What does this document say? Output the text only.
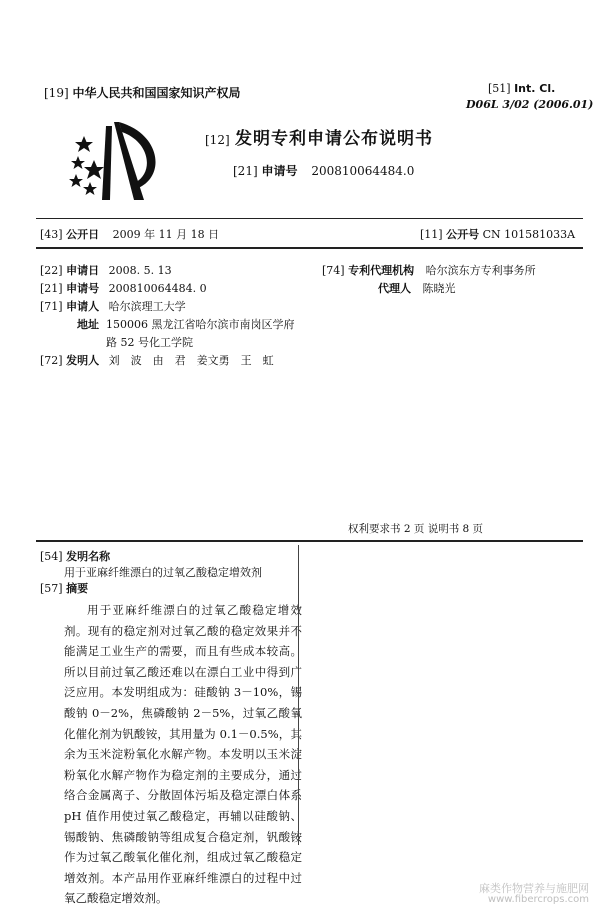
[19] 中华人民共和国国家知识产权局	[51] Int. Cl.
D06L 3/02 (2006.01)
[12] 发明专利申请公布说明书
[21] 申请号 200810064484.0
[43] 公开日 2009 年 11 月 18 日	[11] 公开号 CN 101581033A
[22] 申请日 2008. 5. 13
[21] 申请号 200810064484. 0
[71] 申请人 哈尔滨理工大学
地址 150006 黑龙江省哈尔滨市南岗区学府
路 52 号化工学院
[72] 发明人 刘　波　由　君　姜文勇　王　虹
[74] 专利代理机构 哈尔滨东方专利事务所
代理人 陈晓光
权利要求书 2 页 说明书 8 页
[54] 发明名称
用于亚麻纤维漂白的过氧乙酸稳定增效剂
[57] 摘要

用于亚麻纤维漂白的过氧乙酸稳定增效剂。现有的稳定剂对过氧乙酸的稳定效果并不能满足工业生产的需要，而且有些成本较高。所以目前过氧乙酸还难以在漂白工业中得到广泛应用。本发明组成为：硅酸钠 3－10%，锡酸钠 0－2%，焦磷酸钠 2－5%，过氧乙酸氧化催化剂为钒酸铵，其用量为 0.1－0.5%，其余为玉米淀粉氧化水解产物。本发明以玉米淀粉氧化水解产物作为稳定剂的主要成分，通过络合金属离子、分散固体污垢及稳定漂白体系 pH 值作用使过氧乙酸稳定，再辅以硅酸钠、锡酸钠、焦磷酸钠等组成复合稳定剂，钒酸铵作为过氧乙酸氧化催化剂，组成过氧乙酸稳定增效剂。本产品用作亚麻纤维漂白的过程中过氧乙酸稳定增效剂。

麻类作物营养与施肥网
www.fibercrops.com
